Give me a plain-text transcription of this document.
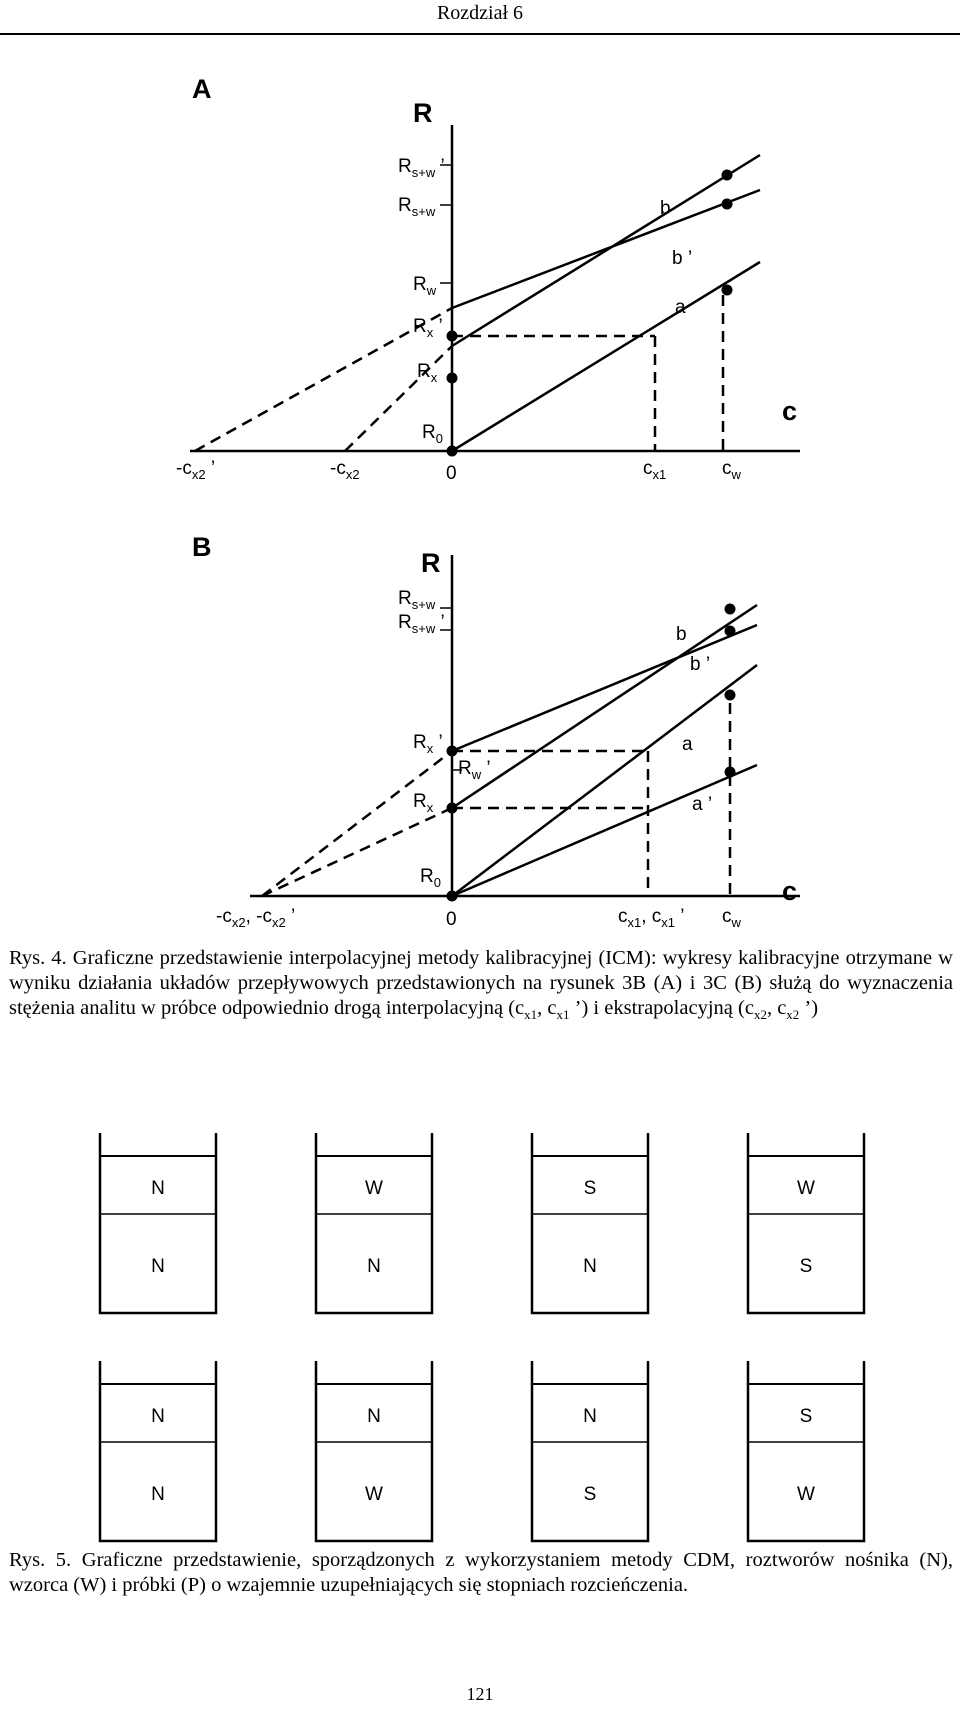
Rozdział 6
A
R
c
b
b ’
a
$R_{s+w}$ ’
$R_{s+w}$
$R_w$
$R_x$ ’
$R_x$
$R_0$
$-c_{x2}$ ’	$-c_{x2}$	0	$c_{x1}$	$c_w$
B
R
c
b
b ’
a
a ’
$R_{s+w}$
$R_{s+w}$ ’
$R_x$ ’
$R_w$ ’
$R_x$
$R_0$
$-c_{x2}$, $-c_{x2}$ ’	0	$c_{x1}$, $c_{x1}$ ’ $c_w$

Rys. 4. Graficzne przedstawienie interpolacyjnej metody kalibracyjnej (ICM): wykresy kalibracyjne otrzymane w wyniku działania układów przepływowych przedstawionych na rysunek 3B (A) i 3C (B) służą do wyznaczenia stężenia analitu w próbce odpowiednio drogą interpolacyjną ($c_{x1}$, $c_{x1}$ ’) i ekstrapolacyjną ($c_{x2}$, $c_{x2}$ ’)

N
N
W
N
S
N
W
S
N
N
N
W
N
S
S
W

Rys. 5. Graficzne przedstawienie, sporządzonych z wykorzystaniem metody CDM, roztworów nośnika (N), wzorca (W) i próbki (P) o wzajemnie uzupełniających się stopniach rozcieńczenia.

121
